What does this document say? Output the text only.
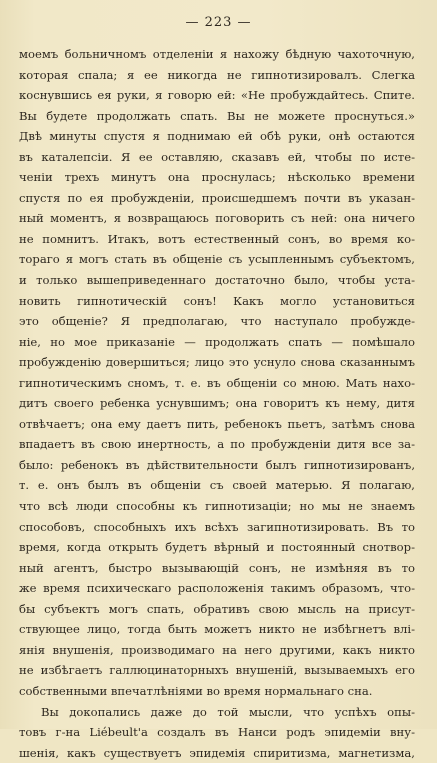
— 223 —

моемъ больничномъ отделеніи я нахожу бѣдную чахоточную,
которая спала; я ее никогда не гипнотизировалъ. Слегка
коснувшись ея руки, я говорю ей: «Не пробуждайтесь. Спите.
Вы будете продолжать спать. Вы не можете проснуться.»
Двѣ минуты спустя я поднимаю ей обѣ руки, онѣ остаются
въ каталепсіи. Я ее оставляю, сказавъ ей, чтобы по исте-
ченіи трехъ минутъ она проснулась; нѣсколько времени
спустя по ея пробужденіи, происшедшемъ почти въ указан-
ный моментъ, я возвращаюсь поговорить съ ней: она ничего
не помнитъ. Итакъ, вотъ естественный сонъ, во время ко-
тораго я могъ стать въ общеніе съ усыпленнымъ субъектомъ,
и только вышеприведеннаго достаточно было, чтобы уста-
новить гипнотическій сонъ! Какъ могло установиться
это общеніе? Я предполагаю, что наступало пробужде-
ніе, но мое приказаніе — продолжать спать — помѣшало
пробужденію довершиться; лицо это уснуло снова сказаннымъ
гипнотическимъ сномъ, т. е. въ общеніи со мною. Мать нахо-
дитъ своего ребенка уснувшимъ; она говоритъ къ нему, дитя
отвѣчаетъ; она ему даетъ пить, ребенокъ пьетъ, затѣмъ снова
впадаетъ въ свою инертность, а по пробужденіи дитя все за-
было: ребенокъ въ дѣйствительности былъ гипнотизированъ,
т. е. онъ былъ въ общеніи съ своей матерью. Я полагаю,
что всѣ люди способны къ гипнотизаціи; но мы не знаемъ
способовъ, способныхъ ихъ всѣхъ загипнотизировать. Въ то
время, когда открыть будетъ вѣрный и постоянный снотвор-
ный агентъ, быстро вызывающій сонъ, не измѣняя въ то
же время психическаго расположенія такимъ образомъ, что-
бы субъектъ могъ спать, обративъ свою мысль на присут-
ствующее лицо, тогда быть можетъ никто не избѣгнетъ влі-
янія внушенія, производимаго на него другими, какъ никто
не избѣгаетъ галлюцинаторныхъ внушеній, вызываемыхъ его
собственными впечатлѣніями во время нормальнаго сна.
Вы докопались даже до той мысли, что успѣхъ опы-
товъ г-на Liébeult'а создалъ въ Нанси родъ эпидеміи вну-
шенія, какъ существуетъ эпидемія спиритизма, магнетизма,
